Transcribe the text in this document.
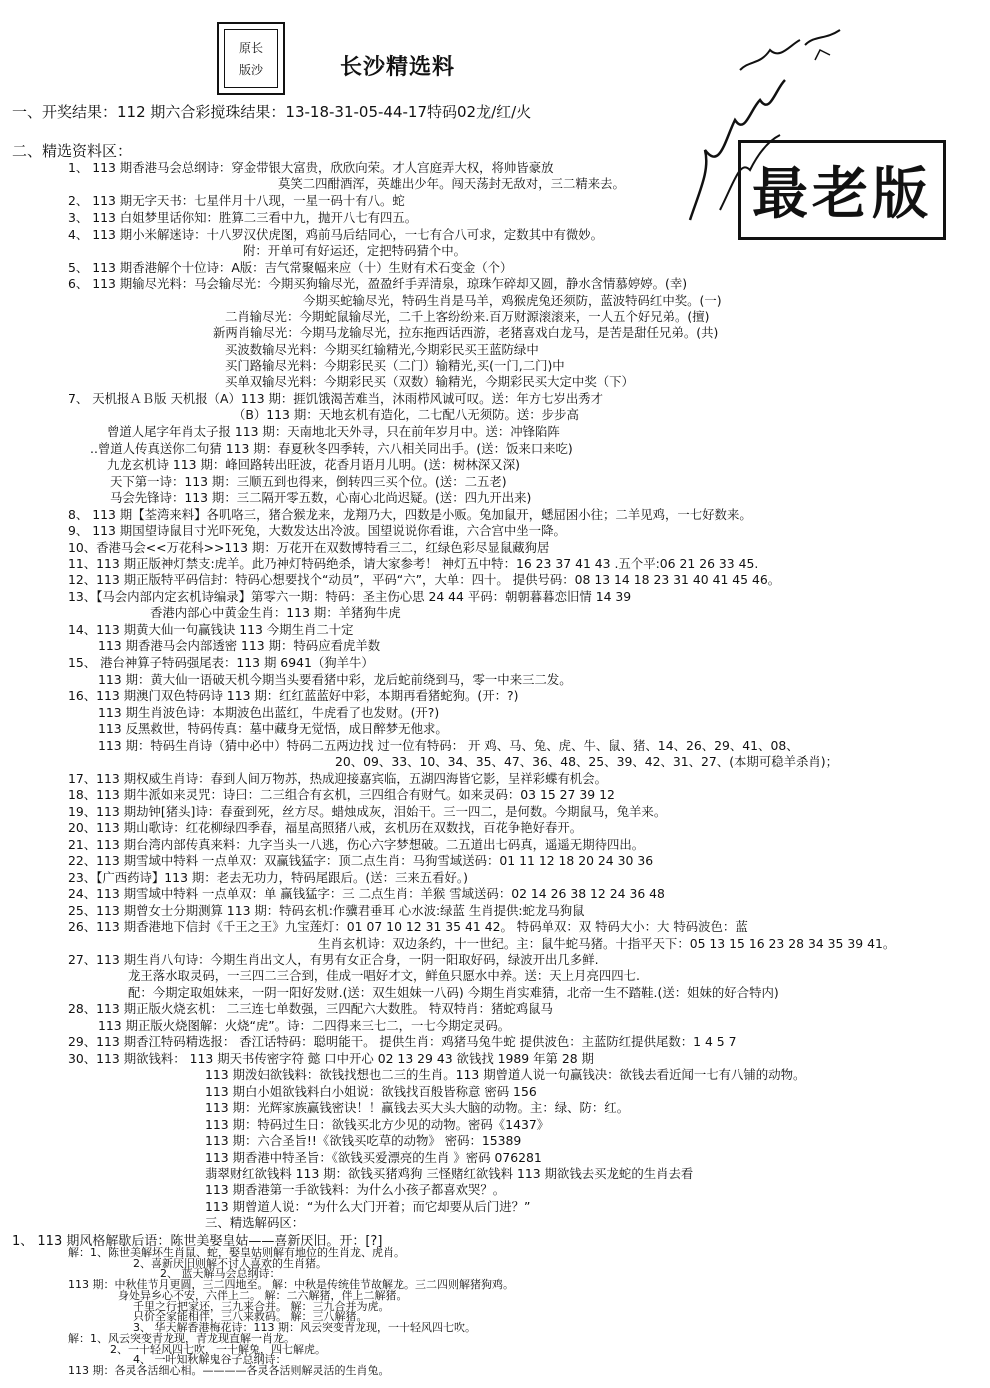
原长
版沙	长沙精选料
最老版
一、开奖结果：112 期六合彩搅珠结果：13-18-31-05-44-17特码02龙/红/火
二、精选资料区：
1、 113 期香港马会总纲诗：穿金带银大富贵，欣欣向荣。才人宫庭弄大权，将帅皆豪放
莫笑二四酣酒浑，英雄出少年。闯天荡封无敌对，三二精来去。
2、 113 期无字天书：七星伴月十八现，一星一码十有八。蛇
3、 113 白姐梦里话你知：胜算二三看中九，抛开八七有四五。
4、 113 期小米解迷诗：十八罗汉伏虎图，鸡前马后结同心，一七有合八可求，定数其中有微妙。
附：开单可有好运还，定把特码猜个中。
5、 113 期香港解个十位诗：A版：吉气常聚幅来应（十）生财有术石变金（个）
6、 113 期输尽光料：马会输尽光：今期买狗输尽光，盈盈纤手弄清泉，琼珠乍碎却又圆，静水含情慕婷婷。(幸)
今期买蛇输尽光，特码生肖是马羊，鸡猴虎兔还须防，蓝波特码红中奖。(一)
二肖输尽光：今期蛇鼠输尽光，二千上客纷纷来.百万财源滚滚来，一人五个好兄弟。(擅)
新两肖输尽光：今期马龙输尽光，拉东拖西话西游，老猪喜戏白龙马，是苦是甜任兄弟。(共)
买波数输尽光料：今期买红输精光,今期彩民买王蓝防绿中
买门路输尽光料：今期彩民买（二门）输精光,买(一门,二门)中
买单双输尽光料：今期彩民买（双数）输精光，今期彩民买大定中奖（下）
7、 天机报ＡＢ版 天机报（A）113 期：捱饥饿渴苦难当，沐雨栉风诚可叹。送：年方七岁出秀才
（B）113 期：天地玄机有造化，二七配八无须防。送：步步高
曾道人尾字年肖太子报 113 期：天南地北天外寻，只在前年岁月中。送：冲锋陷阵
..曾道人传真送你二句猜 113 期：春夏秋冬四季转，六八相关同出手。(送：饭来口来吃)
九龙玄机诗 113 期：峰回路转出旺波，花香月语月儿明。(送：树林深又深)
天下第一诗：113 期：三顺五到也得来，倒转四三买个位。(送：二五老)
马会先锋诗：113 期：三二隔开零五数，心南心北尚迟疑。(送：四九开出来)
8、 113 期【荃湾来料】各叽咯三，猪合猴龙来，龙翔乃大，四数是小贩。兔加鼠开，蟋屈困小往；二羊见鸡，一七好数来。
9、 113 期国望诗鼠目寸光吓死兔，大数发达出冷波。国望说说你看谁，六合宫中坐一降。
10、香港马会<<万花科>>113 期：万花开在双数博特看三二，红绿色彩尽显鼠藏狗居
11、113 期正版神灯禁支:虎羊。此乃神灯特码绝杀，请大家参考！ 神灯五中特：16 23 37 41 43 .五个平:06 21 26 33 45.
12、113 期正版特平码信封：特码心想要找个“动员”，平码“六”，大单：四十。 提供号码：08 13 14 18 23 31 40 41 45 46。
13、【马会内部内定玄机诗编录】第零六一期：特码：圣主伤心思 24 44 平码：朝朝暮暮恋旧情 14 39
香港内部心中黄金生肖：113 期：羊猪狗牛虎
14、113 期黄大仙一句赢钱诀 113 今期生肖二十定
113 期香港马会内部透密 113 期：特码应看虎羊数
15、 港台神算子特码强尾表：113 期 6941（狗羊牛）
113 期：黄大仙一语破天机今期当头要看猪中彩，龙后蛇前绕到马，零一中来三二发。
16、113 期澳门双色特码诗 113 期：红红蓝蓝好中彩，本期再看猪蛇狗。(开：?)
113 期生肖波色诗：本期波色出蓝红，牛虎看了也发财。(开?)
113 反黑救世，特码传真：墓中藏身无觉悟，成日醉梦无他求。
113 期：特码生肖诗（猜中必中）特码二五两边找 过一位有特码： 开 鸡、马、兔、虎、牛、鼠、猪、14、26、29、41、08、
20、09、33、10、34、35、47、36、48、25、39、42、31、27、(本期可稳羊杀肖)；
17、113 期权威生肖诗：春到人间万物苏，热成迎接嘉宾临，五湖四海皆它影，呈祥彩蝶有机会。
18、113 期牛派如来灵咒：诗曰：二三组合有玄机，三四组合有财气。如来灵码：03 15 27 39 12
19、113 期劫钟[猪头]诗：春蚕到死，丝方尽。蜡烛成灰，泪始干。三一四二，是何数。今期鼠马，兔羊来。
20、113 期山歌诗：红花柳绿四季春，福星高照猪八戒，玄机历在双数找，百花争艳好春开。
21、113 期台湾内部传真来料：九字当头一八逃，伤心六字梦想破。二五道出七码真，遥遥无期待四出。
22、113 期雪域中特料 一点单双：双赢钱猛字：顶二点生肖：马狗雪域送码：01 11 12 18 20 24 30 36
23、【广西药诗】113 期：老去无功力，特码尾跟后。(送：三来五看好。)
24、113 期雪域中特料 一点单双：单 赢钱猛字：三 二点生肖：羊猴 雪域送码：02 14 26 38 12 24 36 48
25、113 期曾女士分期测算 113 期：特码玄机:作骥君垂耳 心水波:绿蓝 生肖提供:蛇龙马狗鼠
26、113 期香港地下信封《千王之王》九宝莲灯：01 07 10 12 31 35 41 42。 特码单双：双 特码大小：大 特码波色：蓝
生肖玄机诗：双边条约，十一世纪。主：鼠牛蛇马猪。十指平天下：05 13 15 16 23 28 34 35 39 41。
27、113 期生肖八句诗：今期生肖出文人，有男有女正合身，一阴一阳取好码，绿波开出几多鲜.
龙王落水取灵码，一三四二三合到，佳成一唱好才文，鲜鱼只愿水中养。送：天上月亮四四七.
配：今期定取姐妹来，一阴一阳好发财.(送：双生姐妹一八码) 今期生肖实难猜，北帝一生不踏鞋.(送：姐妹的好合特内)
28、113 期正版火烧玄机： 二三连七单数强，三四配六大数胜。 特双特肖：猪蛇鸡鼠马
113 期正版火烧图解：火烧“虎”。诗：二四得来三七二，一七今期定灵码。
29、113 期香江特码精选报： 香江话特码：聪明能干。 提供生肖：鸡猪马兔牛蛇 提供波色：主蓝防红提供尾数：1 4 5 7
30、113 期欲钱料： 113 期天书传密字符 懿 口中开心 02 13 29 43 欲钱找 1989 年第 28 期
113 期泼妇欲钱料：欲钱找想也二三的生肖。113 期曾道人说一句赢钱决：欲钱去看近闻一七有八铺的动物。
113 期白小姐欲钱料白小姐说：欲钱找百般皆称意 密码 156
113 期：光辉家族赢钱密诀！！赢钱去买大头大脑的动物。主：绿、防：红。
113 期：特码过生日：欲钱买北方少见的动物。密码《1437》
113 期：六合圣旨!!《欲钱买吃草的动物》 密码：15389
113 期香港中特圣旨：《欲钱买爱漂亮的生肖 》密码 076281
翡翠财红欲钱料 113 期：欲钱买猪鸡狗 三怪赌红欲钱料 113 期欲钱去买龙蛇的生肖去看
113 期香港第一手欲钱料：为什么小孩子都喜欢哭？。
113 期曾道人说：“为什么大门开着；而它却要从后门进？”
三、精选解码区：
1、 113 期风格解歇后语：陈世美娶皇姑——喜新厌旧。开：[?]
解：1、陈世美解坏生肖鼠、蛇，娶皇姑则解有地位的生肖龙、虎肖。
2、喜新厌旧则解不讨人喜欢的生肖猪。
2、 蓝天解马会总纲诗：
113 期：中秋佳节月更圆，三二四地至。 解：中秋是传统佳节故解龙。三二四则解猪狗鸡。
身处异乡心不安，六伴上二。 解：二六解猪，伴上二解猪。
千里之行把家还，三九来合并。 解：三九合并为虎。
只价全家能相伴，三八来救码。 解：三八解猪。
3、 华天解香港梅花诗：113 期：风云突变青龙现，一十轻风四七吹。
解：1、风云突变青龙现，青龙现直解一肖龙。
2、一十轻风四七吹，一十解兔，四七解虎。
4、 一叶知秋解鬼谷子总纲诗：
113 期：各灵各活细心相。————各灵各活则解灵活的生肖兔。
